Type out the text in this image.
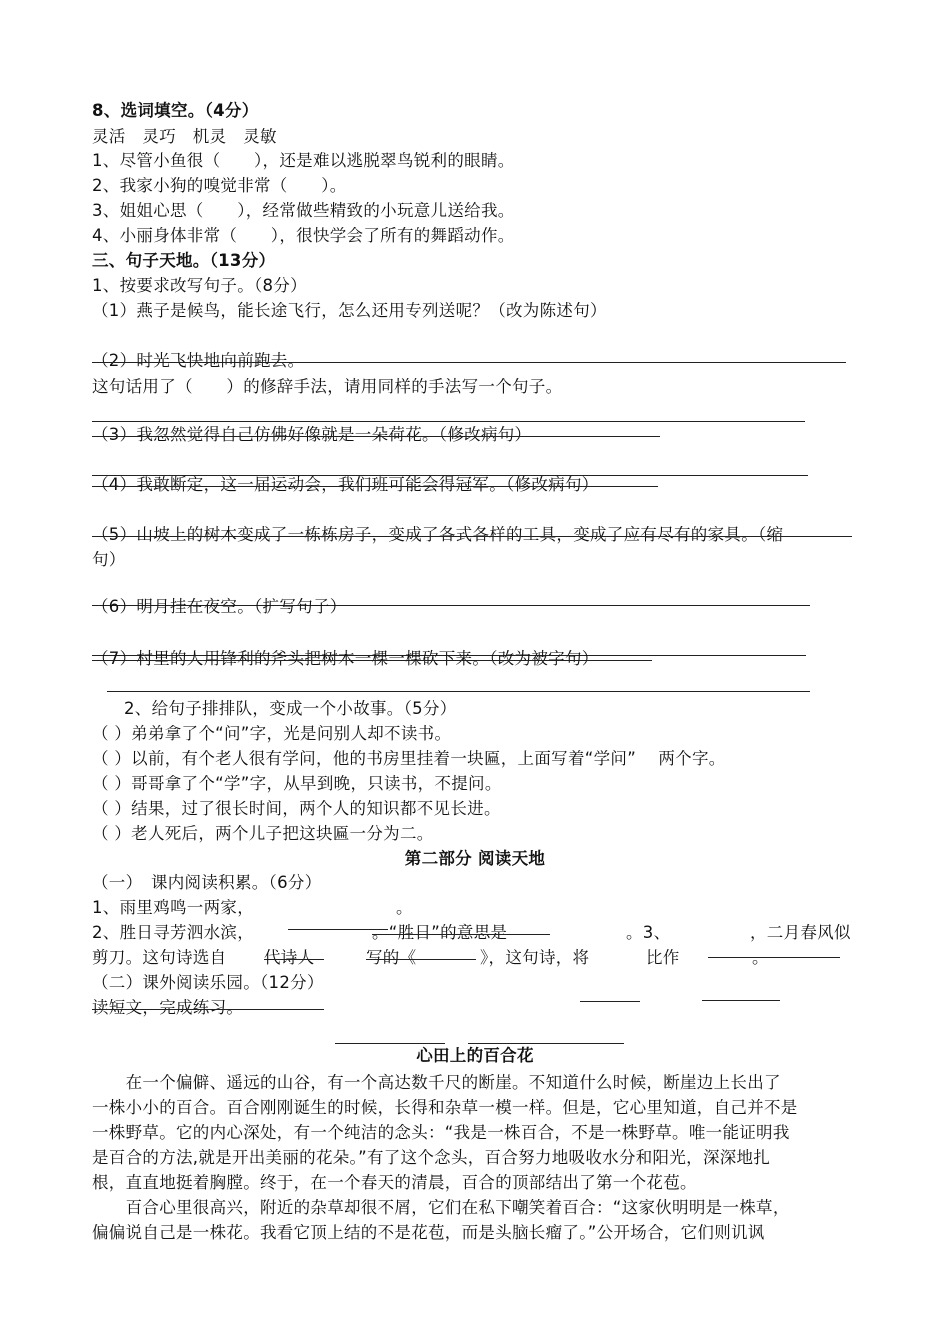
8、选词填空。（4分）
灵活　灵巧　机灵　灵敏
1、尽管小鱼很（　　），还是难以逃脱翠鸟锐利的眼睛。
2、我家小狗的嗅觉非常（　　）。
3、姐姐心思（　　），经常做些精致的小玩意儿送给我。
4、小丽身体非常（　　），很快学会了所有的舞蹈动作。
三、句子天地。（13分）
1、按要求改写句子。（8分）
（1）燕子是候鸟，能长途飞行，怎么还用专列送呢？（改为陈述句）
（2）时光飞快地向前跑去。
这句话用了（　　）的修辞手法，请用同样的手法写一个句子。
（3）我忽然觉得自己仿佛好像就是一朵荷花。（修改病句）
（4）我敢断定，这一届运动会，我们班可能会得冠军。（修改病句）
（5）山坡上的树木变成了一栋栋房子，变成了各式各样的工具，变成了应有尽有的家具。（缩
句）
（6）明月挂在夜空。（扩写句子）
（7）村里的人用锋利的斧头把树木一棵一棵砍下来。（改为被字句）
2、给句子排排队，变成一个小故事。（5分）
（ ）弟弟拿了个“问”字，光是问别人却不读书。
（ ）以前，有个老人很有学问，他的书房里挂着一块匾，上面写着“学问”　 两个字。
（ ）哥哥拿了个“学”字，从早到晚，只读书，不提问。
（ ）结果，过了很长时间，两个人的知识都不见长进。
（ ）老人死后，两个儿子把这块匾一分为二。
第二部分 阅读天地
（一）　课内阅读积累。（6分）
1、雨里鸡鸣一两家，	。
2、胜日寻芳泗水滨，	。“胜日”的意思是	。3、	，二月春风似
剪刀。这句诗选自 代诗人	写的《	》，这句诗，将	比作	。
（二）课外阅读乐园。（12分）
读短文，完成练习。
心田上的百合花
　　在一个偏僻、遥远的山谷，有一个高达数千尺的断崖。不知道什么时候，断崖边上长出了
一株小小的百合。百合刚刚诞生的时候，长得和杂草一模一样。但是，它心里知道，自己并不是
一株野草。它的内心深处，有一个纯洁的念头：“我是一株百合，不是一株野草。唯一能证明我
是百合的方法,就是开出美丽的花朵。”有了这个念头，百合努力地吸收水分和阳光，深深地扎
根，直直地挺着胸膛。终于，在一个春天的清晨，百合的顶部结出了第一个花苞。
　　百合心里很高兴，附近的杂草却很不屑，它们在私下嘲笑着百合：“这家伙明明是一株草，
偏偏说自己是一株花。我看它顶上结的不是花苞，而是头脑长瘤了。”公开场合，它们则讥讽
